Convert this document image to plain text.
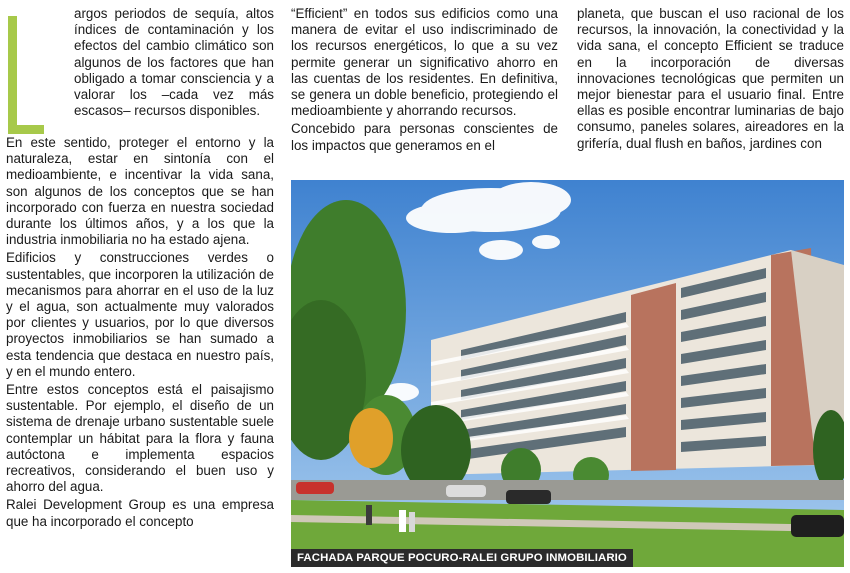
argos periodos de sequía, altos índices de contaminación y los efectos del cambio climático son algunos de los factores que han obligado a tomar consciencia y a valorar los –cada vez más escasos– recursos disponibles.

En este sentido, proteger el entorno y la naturaleza, estar en sintonía con el medioambiente, e incentivar la vida sana, son algunos de los conceptos que se han incorporado con fuerza en nuestra sociedad durante los últimos años, y a los que la industria inmobiliaria no ha estado ajena.

Edificios y construcciones verdes o sustentables, que incorporen la utilización de mecanismos para ahorrar en el uso de la luz y el agua, son actualmente muy valorados por clientes y usuarios, por lo que diversos proyectos inmobiliarios se han sumado a esta tendencia que destaca en nuestro país, y en el mundo entero.

Entre estos conceptos está el paisajismo sustentable. Por ejemplo, el diseño de un sistema de drenaje urbano sustentable suele contemplar un hábitat para la flora y fauna autóctona e implementa espacios recreativos, considerando el buen uso y ahorro del agua.

Ralei Development Group es una empresa que ha incorporado el concepto

“Efficient” en todos sus edificios como una manera de evitar el uso indiscriminado de los recursos energéticos, lo que a su vez permite generar un significativo ahorro en las cuentas de los residentes. En definitiva, se genera un doble beneficio, protegiendo el medioambiente y ahorrando recursos.

Concebido para personas conscientes de los impactos que generamos en el

planeta, que buscan el uso racional de los recursos, la innovación, la conectividad y la vida sana, el concepto Efficient se traduce en la incorporación de diversas innovaciones tecnológicas que permiten un mejor bienestar para el usuario final. Entre ellas es posible encontrar luminarias de bajo consumo, paneles solares, aireadores en la grifería, dual flush en baños, jardines con

FACHADA PARQUE POCURO-RALEI GRUPO INMOBILIARIO
